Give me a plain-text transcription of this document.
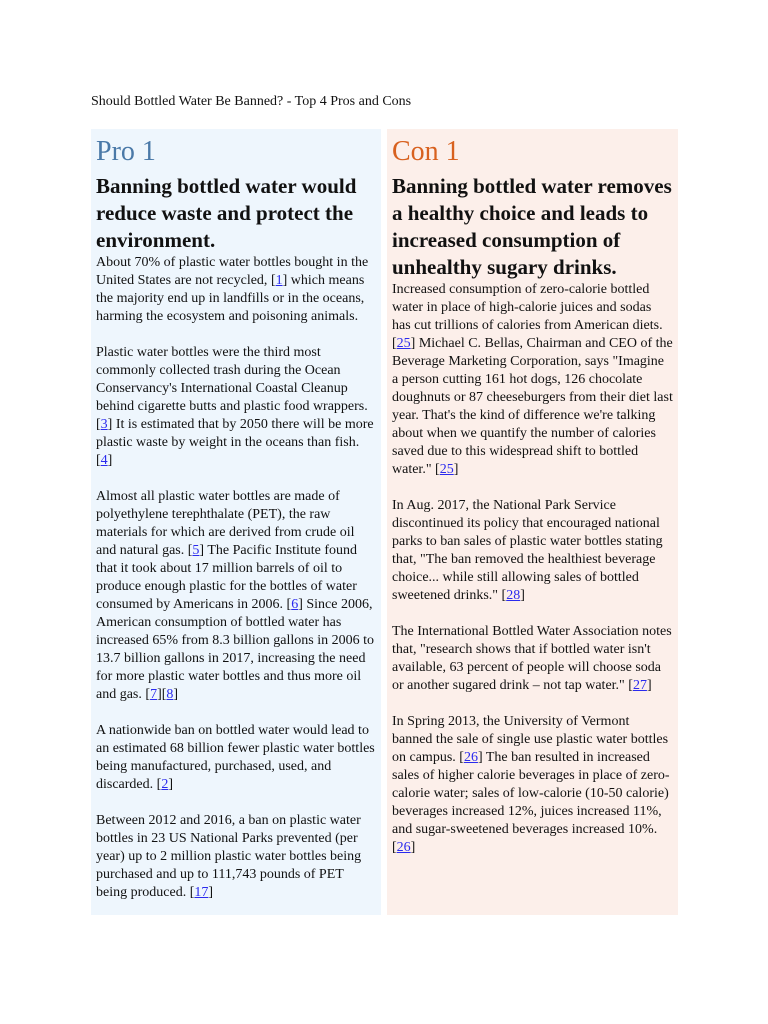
Should Bottled Water Be Banned? - Top 4 Pros and Cons
Pro 1
Banning bottled water would reduce waste and protect the environment.

About 70% of plastic water bottles bought in the United States are not recycled, [1] which means the majority end up in landfills or in the oceans, harming the ecosystem and poisoning animals.

Plastic water bottles were the third most commonly collected trash during the Ocean Conservancy's International Coastal Cleanup behind cigarette butts and plastic food wrappers. [3] It is estimated that by 2050 there will be more plastic waste by weight in the oceans than fish. [4]

Almost all plastic water bottles are made of polyethylene terephthalate (PET), the raw materials for which are derived from crude oil and natural gas. [5] The Pacific Institute found that it took about 17 million barrels of oil to produce enough plastic for the bottles of water consumed by Americans in 2006. [6] Since 2006, American consumption of bottled water has increased 65% from 8.3 billion gallons in 2006 to 13.7 billion gallons in 2017, increasing the need for more plastic water bottles and thus more oil and gas. [7][8]

A nationwide ban on bottled water would lead to an estimated 68 billion fewer plastic water bottles being manufactured, purchased, used, and discarded. [2]

Between 2012 and 2016, a ban on plastic water bottles in 23 US National Parks prevented (per year) up to 2 million plastic water bottles being purchased and up to 111,743 pounds of PET being produced. [17]

Con 1
Banning bottled water removes a healthy choice and leads to increased consumption of unhealthy sugary drinks.

Increased consumption of zero-calorie bottled water in place of high-calorie juices and sodas has cut trillions of calories from American diets. [25] Michael C. Bellas, Chairman and CEO of the Beverage Marketing Corporation, says "Imagine a person cutting 161 hot dogs, 126 chocolate doughnuts or 87 cheeseburgers from their diet last year. That's the kind of difference we're talking about when we quantify the number of calories saved due to this widespread shift to bottled water." [25]

In Aug. 2017, the National Park Service discontinued its policy that encouraged national parks to ban sales of plastic water bottles stating that, "The ban removed the healthiest beverage choice... while still allowing sales of bottled sweetened drinks." [28]

The International Bottled Water Association notes that, "research shows that if bottled water isn't available, 63 percent of people will choose soda or another sugared drink – not tap water." [27]

In Spring 2013, the University of Vermont banned the sale of single use plastic water bottles on campus. [26] The ban resulted in increased sales of higher calorie beverages in place of zero-calorie water; sales of low-calorie (10-50 calorie) beverages increased 12%, juices increased 11%, and sugar-sweetened beverages increased 10%. [26]
